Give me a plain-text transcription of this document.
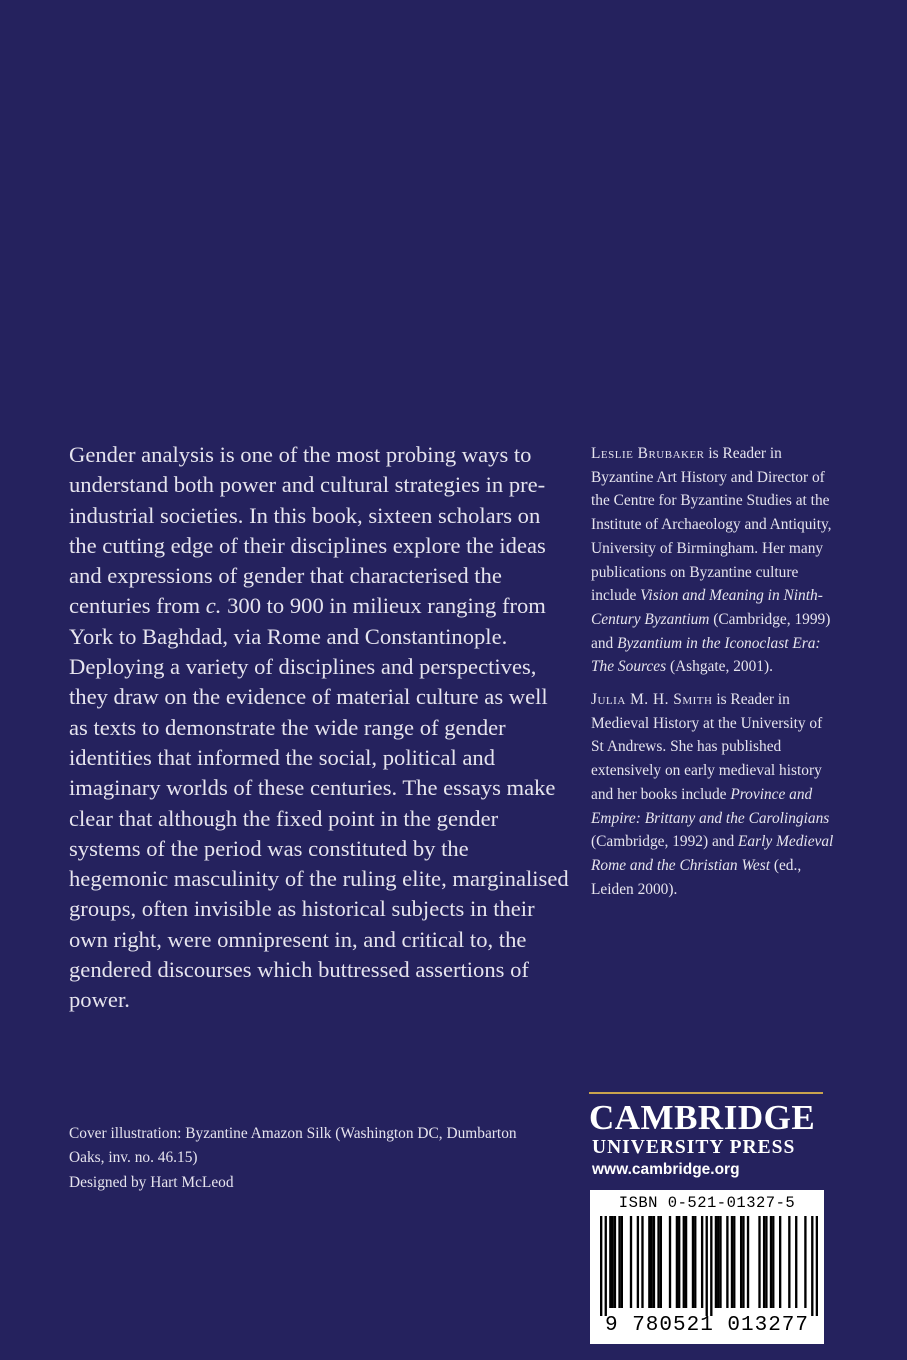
Gender analysis is one of the most probing ways to understand both power and cultural strategies in pre-industrial societies. In this book, sixteen scholars on the cutting edge of their disciplines explore the ideas and expressions of gender that characterised the centuries from c. 300 to 900 in milieux ranging from York to Baghdad, via Rome and Constantinople. Deploying a variety of disciplines and perspectives, they draw on the evidence of material culture as well as texts to demonstrate the wide range of gender identities that informed the social, political and imaginary worlds of these centuries. The essays make clear that although the fixed point in the gender systems of the period was constituted by the hegemonic masculinity of the ruling elite, marginalised groups, often invisible as historical subjects in their own right, were omnipresent in, and critical to, the gendered discourses which buttressed assertions of power.

Leslie Brubaker is Reader in Byzantine Art History and Director of the Centre for Byzantine Studies at the Institute of Archaeology and Antiquity, University of Birmingham. Her many publications on Byzantine culture include Vision and Meaning in Ninth-Century Byzantium (Cambridge, 1999) and Byzantium in the Iconoclast Era: The Sources (Ashgate, 2001).

Julia M. H. Smith is Reader in Medieval History at the University of St Andrews. She has published extensively on early medieval history and her books include Province and Empire: Brittany and the Carolingians (Cambridge, 1992) and Early Medieval Rome and the Christian West (ed., Leiden 2000).

Cover illustration: Byzantine Amazon Silk (Washington DC, Dumbarton Oaks, inv. no. 46.15)
Designed by Hart McLeod
CAMBRIDGE
UNIVERSITY PRESS
www.cambridge.org
ISBN 0-521-01327-5
9 780521 013277
